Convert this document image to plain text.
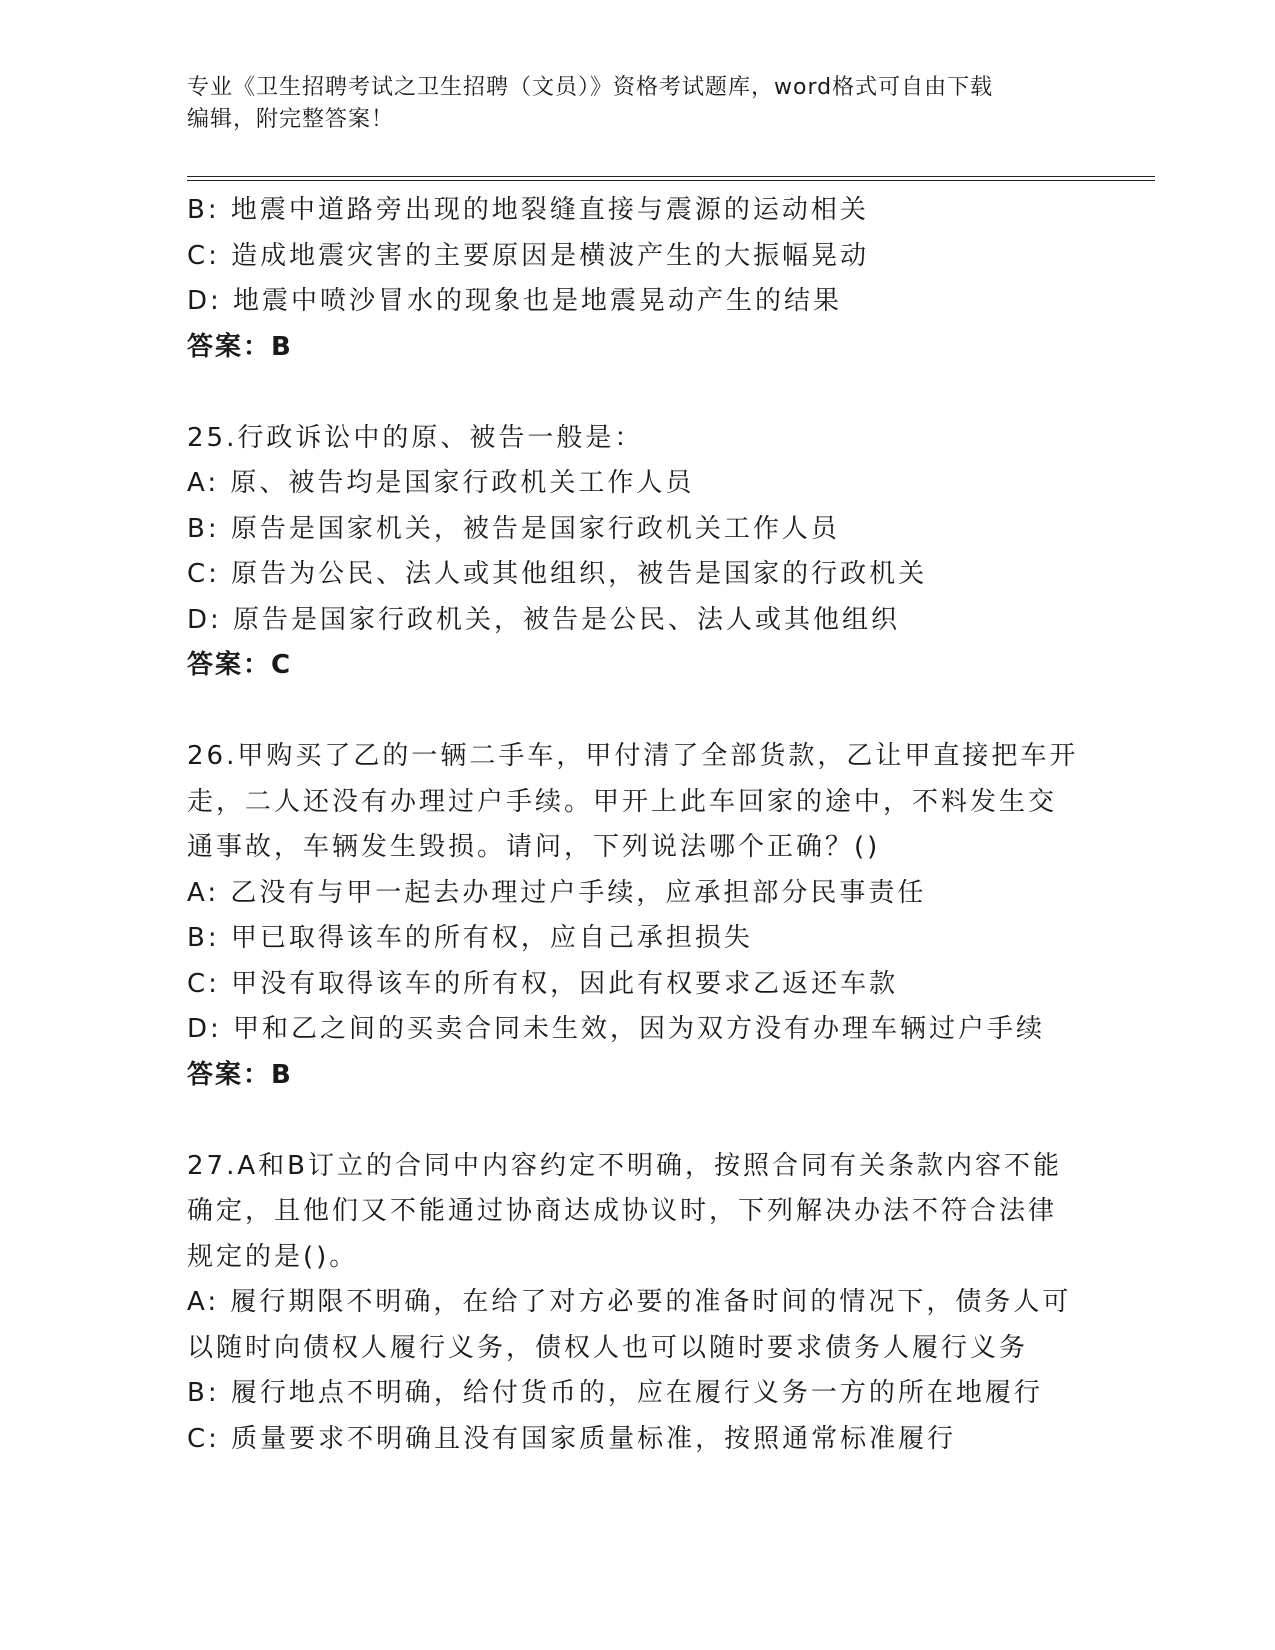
专业《卫生招聘考试之卫生招聘（文员）》资格考试题库，word格式可自由下载
编辑，附完整答案！
B: 地震中道路旁出现的地裂缝直接与震源的运动相关
C: 造成地震灾害的主要原因是横波产生的大振幅晃动
D: 地震中喷沙冒水的现象也是地震晃动产生的结果
答案：B
25.行政诉讼中的原、被告一般是：
A: 原、被告均是国家行政机关工作人员
B: 原告是国家机关，被告是国家行政机关工作人员
C: 原告为公民、法人或其他组织，被告是国家的行政机关
D: 原告是国家行政机关，被告是公民、法人或其他组织
答案：C
26.甲购买了乙的一辆二手车，甲付清了全部货款，乙让甲直接把车开
走，二人还没有办理过户手续。甲开上此车回家的途中，不料发生交
通事故，车辆发生毁损。请问，下列说法哪个正确？()
A: 乙没有与甲一起去办理过户手续，应承担部分民事责任
B: 甲已取得该车的所有权，应自己承担损失
C: 甲没有取得该车的所有权，因此有权要求乙返还车款
D: 甲和乙之间的买卖合同未生效，因为双方没有办理车辆过户手续
答案：B
27.A和B订立的合同中内容约定不明确，按照合同有关条款内容不能
确定，且他们又不能通过协商达成协议时，下列解决办法不符合法律
规定的是()。
A: 履行期限不明确，在给了对方必要的准备时间的情况下，债务人可
以随时向债权人履行义务，债权人也可以随时要求债务人履行义务
B: 履行地点不明确，给付货币的，应在履行义务一方的所在地履行
C: 质量要求不明确且没有国家质量标准，按照通常标准履行
